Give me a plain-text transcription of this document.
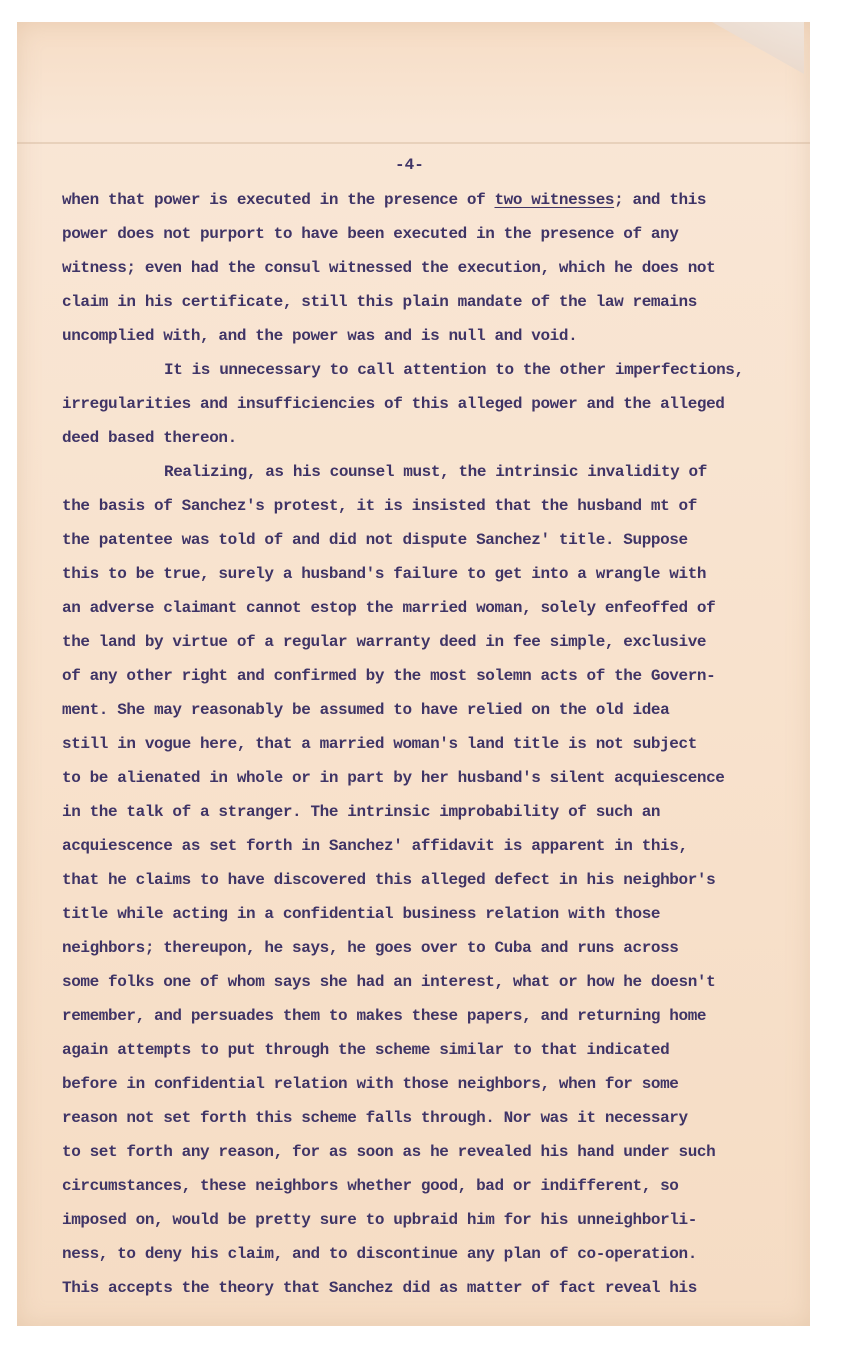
-4-
when that power is executed in the presence of two witnesses; and this
power does not purport to have been executed in the presence of any
witness; even had the consul witnessed the execution, which he does not
claim in his certificate, still this plain mandate of the law remains
uncomplied with, and the power was and is null and void.
It is unnecessary to call attention to the other imperfections,
irregularities and insufficiencies of this alleged power and the alleged
deed based thereon.
Realizing, as his counsel must, the intrinsic invalidity of
the basis of Sanchez's protest, it is insisted that the husband mt of
the patentee was told of and did not dispute Sanchez' title. Suppose
this to be true, surely a husband's failure to get into a wrangle with
an adverse claimant cannot estop the married woman, solely enfeoffed of
the land by virtue of a regular warranty deed in fee simple, exclusive
of any other right and confirmed by the most solemn acts of the Govern-
ment. She may reasonably be assumed to have relied on the old idea
still in vogue here, that a married woman's land title is not subject
to be alienated in whole or in part by her husband's silent acquiescence
in the talk of a stranger. The intrinsic improbability of such an
acquiescence as set forth in Sanchez' affidavit is apparent in this,
that he claims to have discovered this alleged defect in his neighbor's
title while acting in a confidential business relation with those
neighbors; thereupon, he says, he goes over to Cuba and runs across
some folks one of whom says she had an interest, what or how he doesn't
remember, and persuades them to makes these papers, and returning home
again attempts to put through the scheme similar to that indicated
before in confidential relation with those neighbors, when for some
reason not set forth this scheme falls through. Nor was it necessary
to set forth any reason, for as soon as he revealed his hand under such
circumstances, these neighbors whether good, bad or indifferent, so
imposed on, would be pretty sure to upbraid him for his unneighborli-
ness, to deny his claim, and to discontinue any plan of co-operation.
This accepts the theory that Sanchez did as matter of fact reveal his
